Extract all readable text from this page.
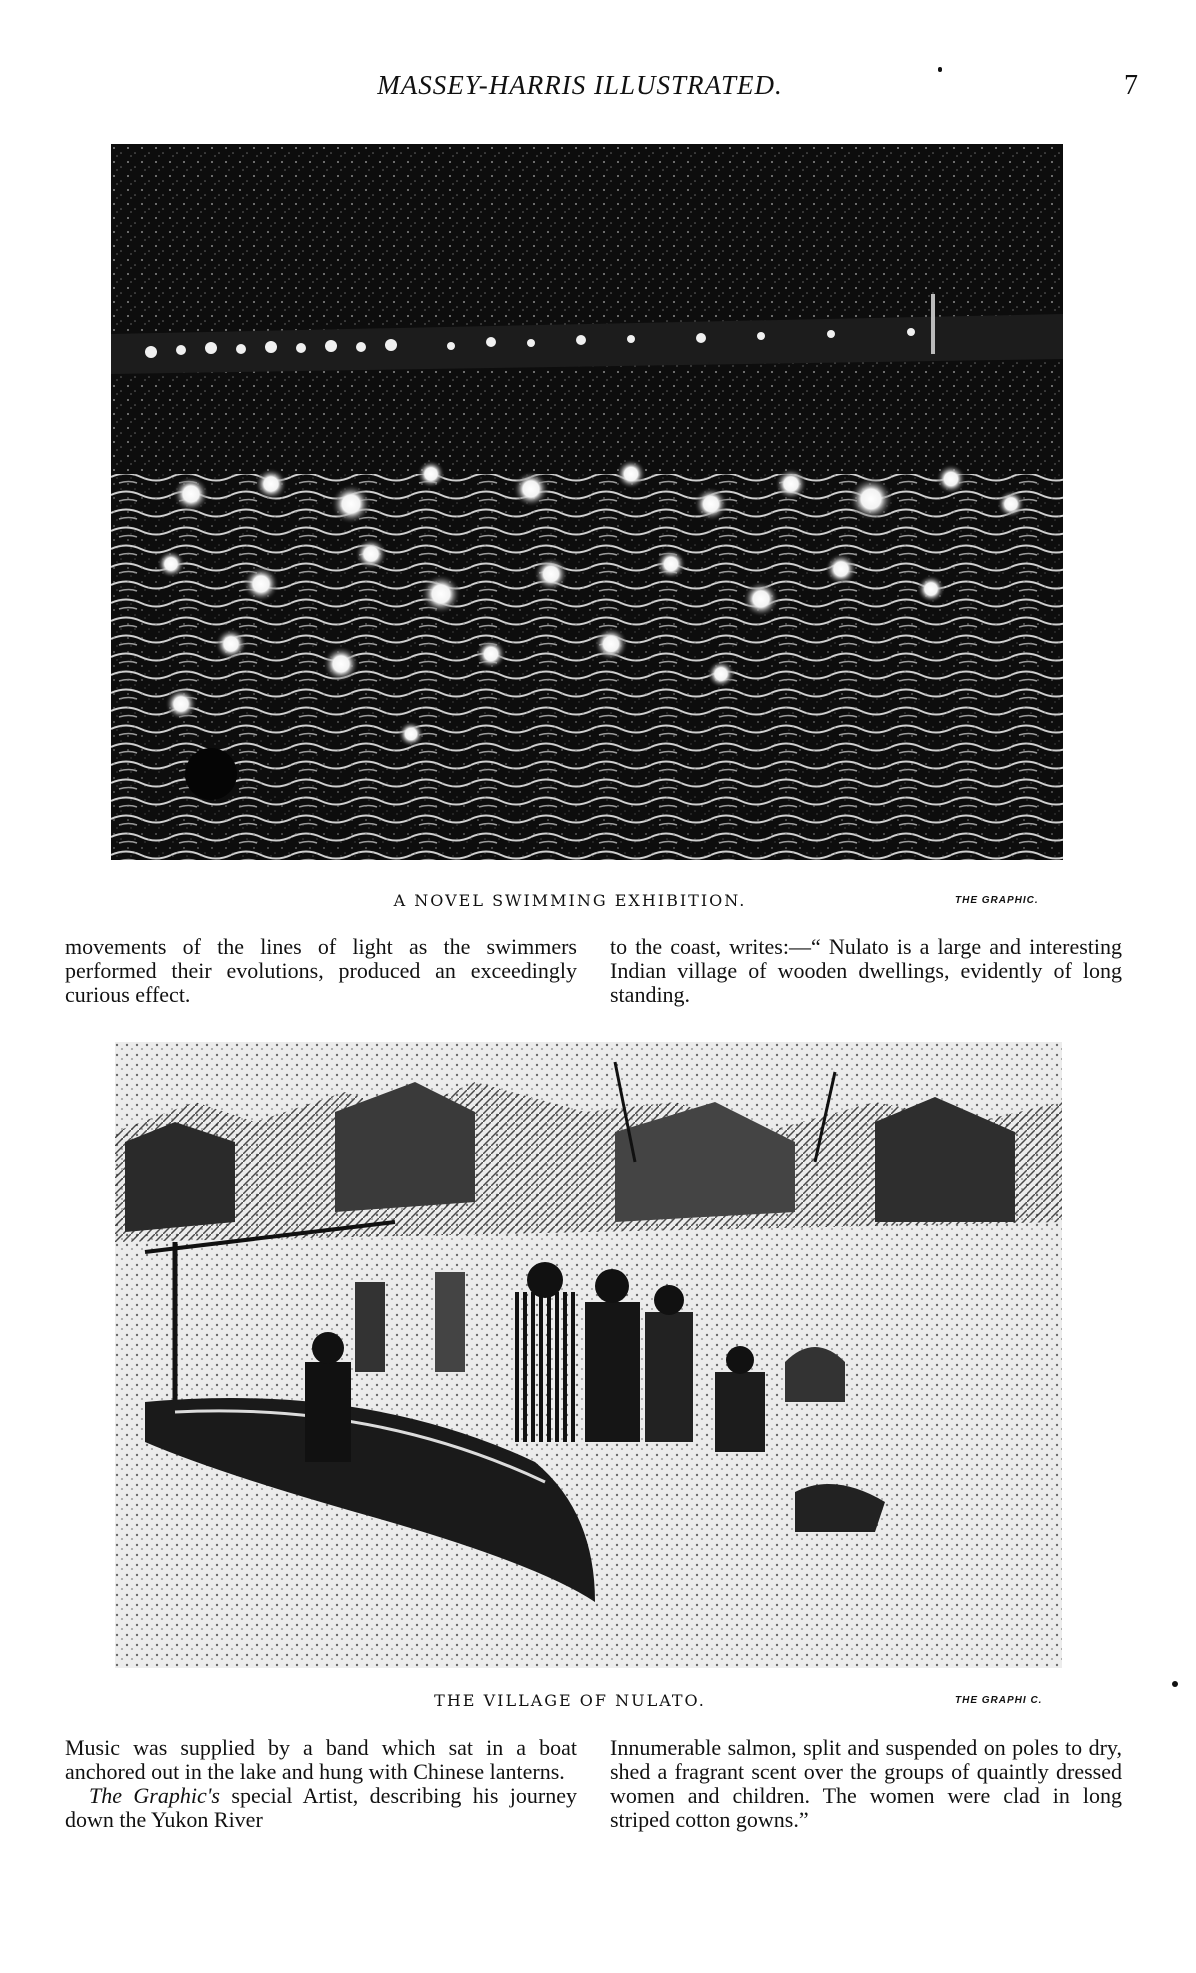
MASSEY-HARRIS ILLUSTRATED.	7
A NOVEL SWIMMING EXHIBITION.	THE GRAPHIC.

movements of the lines of light as the swimmers performed their evolutions, produced an exceedingly curious effect.

to the coast, writes:—“ Nulato is a large and interesting Indian village of wooden dwellings, evidently of long standing.

THE VILLAGE OF NULATO.	THE GRAPHI C.

Music was supplied by a band which sat in a boat anchored out in the lake and hung with Chinese lanterns.

The Graphic's special Artist, describing his journey down the Yukon River

Innumerable salmon, split and suspended on poles to dry, shed a fragrant scent over the groups of quaintly dressed women and children. The women were clad in long striped cotton gowns.”
